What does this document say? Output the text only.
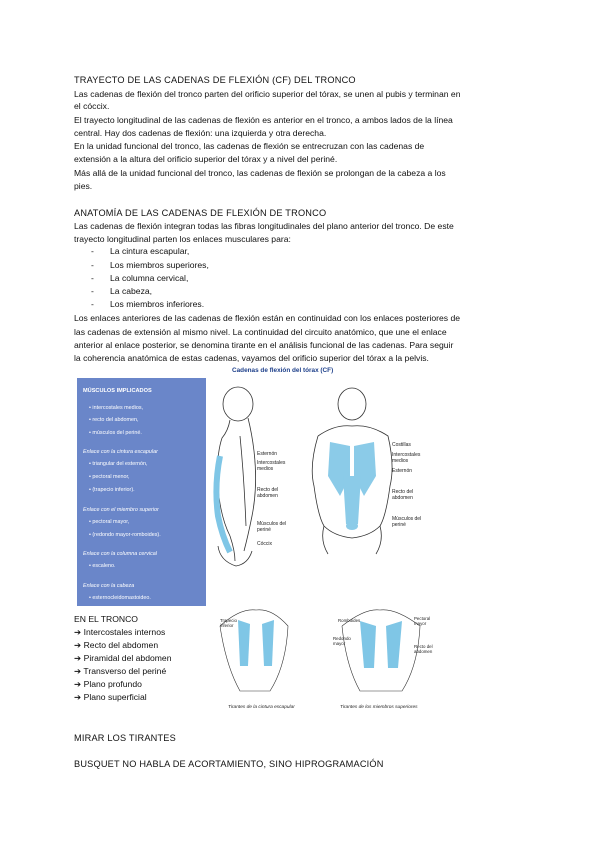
TRAYECTO DE LAS CADENAS DE FLEXIÓN (CF) DEL TRONCO
Las cadenas de flexión del tronco parten del orificio superior del tórax, se unen al pubis y terminan en
el cóccix.
El trayecto longitudinal de las cadenas de flexión es anterior en el tronco, a ambos lados de la línea
central. Hay dos cadenas de flexión: una izquierda y otra derecha.
En la unidad funcional del tronco, las cadenas de flexión se entrecruzan con las cadenas de
extensión a la altura del orificio superior del tórax y a nivel del periné.
Más allá de la unidad funcional del tronco, las cadenas de flexión se prolongan de la cabeza a los
pies.
ANATOMÍA DE LAS CADENAS DE FLEXIÓN DE TRONCO
Las cadenas de flexión integran todas las fibras longitudinales del plano anterior del tronco. De este
trayecto longitudinal parten los enlaces musculares para:
- La cintura escapular,
- Los miembros superiores,
- La columna cervical,
- La cabeza,
- Los miembros inferiores.
Los enlaces anteriores de las cadenas de flexión están en continuidad con los enlaces posteriores de
las cadenas de extensión al mismo nivel. La continuidad del circuito anatómico, que une el enlace
anterior al enlace posterior, se denomina tirante en el análisis funcional de las cadenas. Para seguir
la coherencia anatómica de estas cadenas, vayamos del orificio superior del tórax a la pelvis.
Cadenas de flexión del tórax (CF)
MÚSCULOS IMPLICADOS
• intercostales medios,
• recto del abdomen,
• músculos del periné.
Enlace con la cintura escapular
• triangular del esternón,
• pectoral menor,
• (trapecio inferior).
Enlace con el miembro superior
• pectoral mayor,
• (redondo mayor-romboides).
Enlace con la columna cervical
• escaleno.
Enlace con la cabeza
• esternocleidomastoideo.
Esternón
Intercostales
medios
Recto del
abdomen
Músculos del
periné
Cóccix
Costillas
Intercostales
medios
Esternón
Recto del
abdomen
Músculos del
periné
Trapecio
inferior
Romboides
Redondo
mayor
Pectoral
mayor
Recto del
abdomen
Tirantes de la cintura escapular	Tirantes de los miembros superiores
EN EL TRONCO
➔ Intercostales internos
➔ Recto del abdomen
➔ Piramidal del abdomen
➔ Transverso del periné
➔ Plano profundo
➔ Plano superficial
MIRAR LOS TIRANTES
BUSQUET NO HABLA DE ACORTAMIENTO, SINO HIPROGRAMACIÓN
